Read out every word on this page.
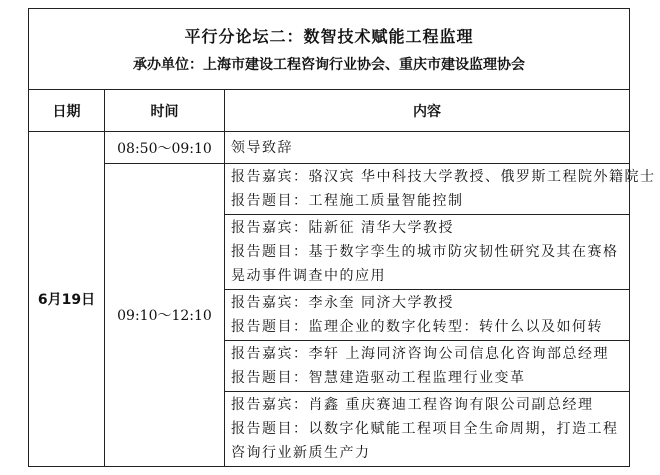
平行分论坛二：数智技术赋能工程监理
承办单位：上海市建设工程咨询行业协会、重庆市建设监理协会		

日期	时间	内容
6月19日	08:50～09:10	领导致辞
	09:10～12:10	报告嘉宾：骆汉宾 华中科技大学教授、俄罗斯工程院外籍院士
报告题目：工程施工质量智能控制

		报告嘉宾：陆新征 清华大学教授
报告题目：基于数字孪生的城市防灾韧性研究及其在赛格晃动事件调查中的应用

		报告嘉宾：李永奎 同济大学教授
报告题目：监理企业的数字化转型：转什么以及如何转

		报告嘉宾：李轩 上海同济咨询公司信息化咨询部总经理
报告题目：智慧建造驱动工程监理行业变革

		报告嘉宾：肖鑫 重庆赛迪工程咨询有限公司副总经理
报告题目：以数字化赋能工程项目全生命周期，打造工程咨询行业新质生产力
